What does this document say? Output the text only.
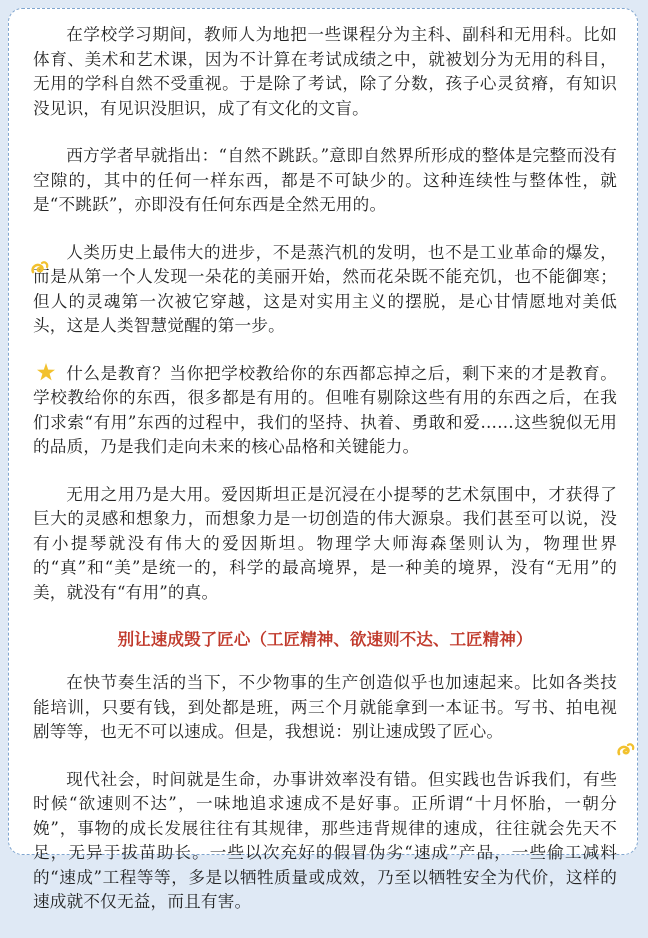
在学校学习期间，教师人为地把一些课程分为主科、副科和无用科。比如体育、美术和艺术课，因为不计算在考试成绩之中，就被划分为无用的科目，无用的学科自然不受重视。于是除了考试，除了分数，孩子心灵贫瘠，有知识没见识，有见识没胆识，成了有文化的文盲。

西方学者早就指出：“自然不跳跃。”意即自然界所形成的整体是完整而没有空隙的，其中的任何一样东西，都是不可缺少的。这种连续性与整体性，就是“不跳跃”，亦即没有任何东西是全然无用的。

人类历史上最伟大的进步，不是蒸汽机的发明，也不是工业革命的爆发，而是从第一个人发现一朵花的美丽开始，然而花朵既不能充饥，也不能御寒；但人的灵魂第一次被它穿越，这是对实用主义的摆脱，是心甘情愿地对美低头，这是人类智慧觉醒的第一步。

什么是教育？当你把学校教给你的东西都忘掉之后，剩下来的才是教育。学校教给你的东西，很多都是有用的。但唯有剔除这些有用的东西之后，在我们求索“有用”东西的过程中，我们的坚持、执着、勇敢和爱……这些貌似无用的品质，乃是我们走向未来的核心品格和关键能力。

无用之用乃是大用。爱因斯坦正是沉浸在小提琴的艺术氛围中，才获得了巨大的灵感和想象力，而想象力是一切创造的伟大源泉。我们甚至可以说，没有小提琴就没有伟大的爱因斯坦。物理学大师海森堡则认为，物理世界的“真”和“美”是统一的，科学的最高境界，是一种美的境界，没有“无用”的美，就没有“有用”的真。

别让速成毁了匠心（工匠精神、欲速则不达、工匠精神）

在快节奏生活的当下，不少物事的生产创造似乎也加速起来。比如各类技能培训，只要有钱，到处都是班，两三个月就能拿到一本证书。写书、拍电视剧等等，也无不可以速成。但是，我想说：别让速成毁了匠心。

现代社会，时间就是生命，办事讲效率没有错。但实践也告诉我们，有些时候“欲速则不达”，一味地追求速成不是好事。正所谓“十月怀胎，一朝分娩”，事物的成长发展往往有其规律，那些违背规律的速成，往往就会先天不足，无异于拔苗助长。一些以次充好的假冒伪劣“速成”产品，一些偷工减料的“速成”工程等等，多是以牺牲质量或成效，乃至以牺牲安全为代价，这样的速成就不仅无益，而且有害。
